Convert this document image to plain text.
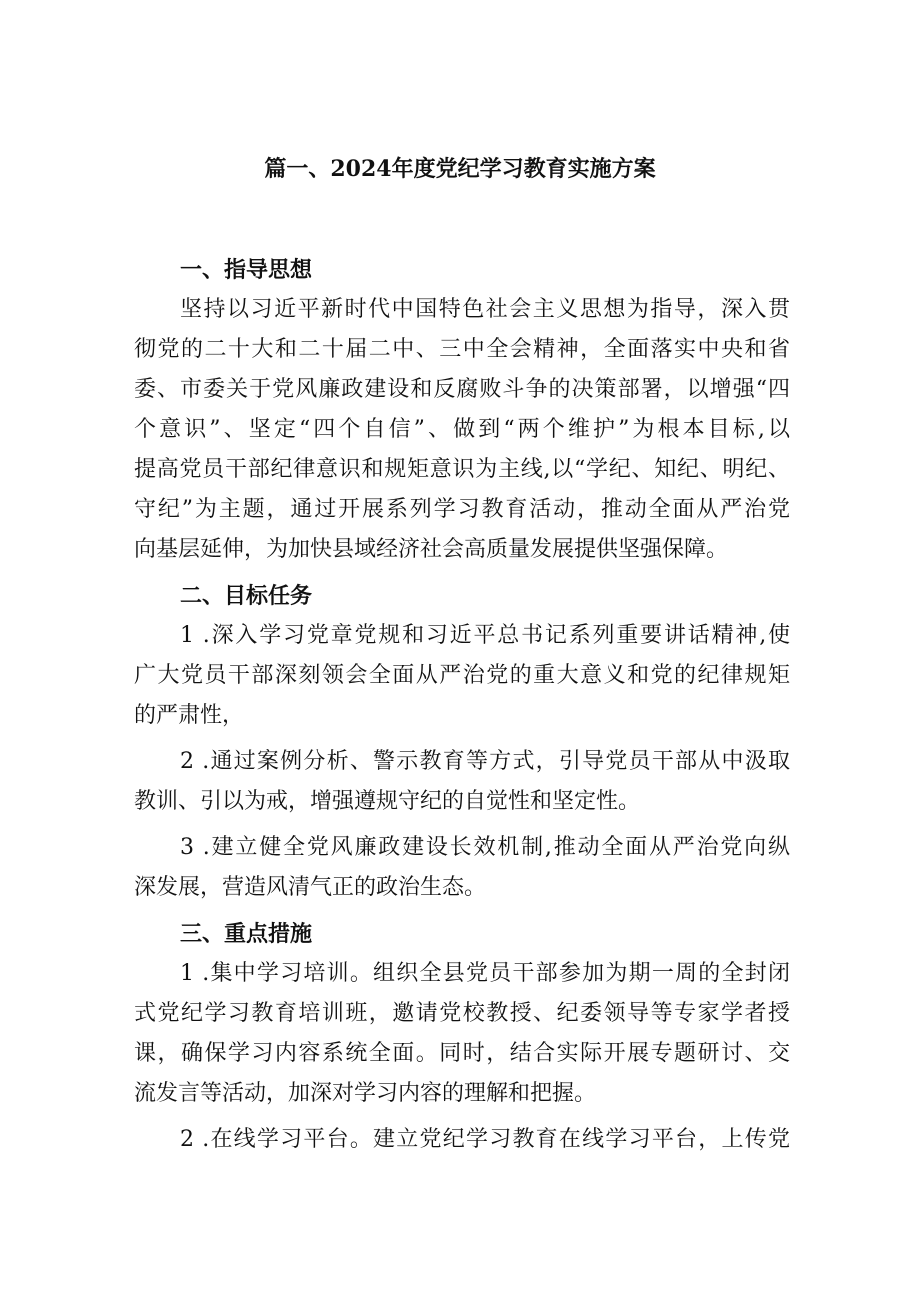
篇一、2024年度党纪学习教育实施方案
一、指导思想
坚持以习近平新时代中国特色社会主义思想为指导，深入贯
彻党的二十大和二十届二中、三中全会精神，全面落实中央和省
委、市委关于党风廉政建设和反腐败斗争的决策部署，以增强“四
个意识”、坚定“四个自信”、做到“两个维护”为根本目标,以
提高党员干部纪律意识和规矩意识为主线,以“学纪、知纪、明纪、
守纪”为主题，通过开展系列学习教育活动，推动全面从严治党
向基层延伸，为加快县域经济社会高质量发展提供坚强保障。
二、目标任务
1 .深入学习党章党规和习近平总书记系列重要讲话精神,使
广大党员干部深刻领会全面从严治党的重大意义和党的纪律规矩
的严肃性，
2 .通过案例分析、警示教育等方式，引导党员干部从中汲取
教训、引以为戒，增强遵规守纪的自觉性和坚定性。
3 .建立健全党风廉政建设长效机制,推动全面从严治党向纵
深发展，营造风清气正的政治生态。
三、重点措施
1 .集中学习培训。组织全县党员干部参加为期一周的全封闭
式党纪学习教育培训班，邀请党校教授、纪委领导等专家学者授
课，确保学习内容系统全面。同时，结合实际开展专题研讨、交
流发言等活动，加深对学习内容的理解和把握。
2 .在线学习平台。建立党纪学习教育在线学习平台，上传党
